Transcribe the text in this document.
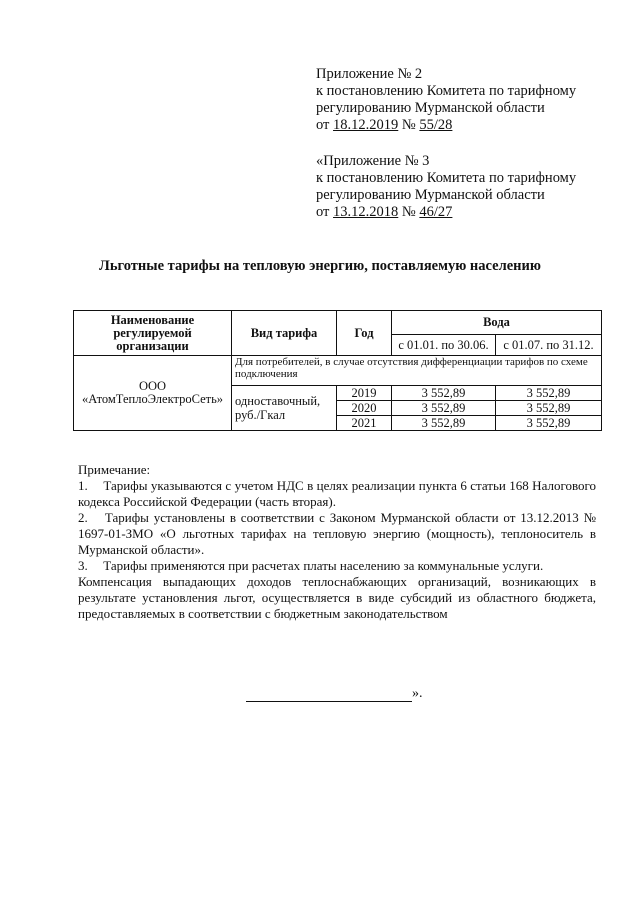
Приложение № 2
к постановлению Комитета по тарифному
регулированию Мурманской области
от 18.12.2019 № 55/28
«Приложение № 3
к постановлению Комитета по тарифному
регулированию Мурманской области
от 13.12.2018 № 46/27
Льготные тарифы на тепловую энергию, поставляемую населению
Наименование регулируемой организации	Вид тарифа	Год	Вода	
			с 01.01. по 30.06.	с 01.07. по 31.12.

ООО
«АтомТеплоЭлектроСеть»	Для потребителей, в случае отсутствия дифференциации тарифов по схеме подключения			
	одноставочный, руб./Гкал	2019	3 552,89	3 552,89
		2020	3 552,89	3 552,89
		2021	3 552,89	3 552,89

Примечание:

1. Тарифы указываются с учетом НДС в целях реализации пункта 6 статьи 168 Налогового кодекса Российской Федерации (часть вторая).

2. Тарифы установлены в соответствии с Законом Мурманской области от 13.12.2013 № 1697-01-ЗМО «О льготных тарифах на тепловую энергию (мощность), теплоноситель в Мурманской области».

3. Тарифы применяются при расчетах платы населению за коммунальные услуги.

Компенсация выпадающих доходов теплоснабжающих организаций, возникающих в результате установления льгот, осуществляется в виде субсидий из областного бюджета, предоставляемых в соответствии с бюджетным законодательством

».
